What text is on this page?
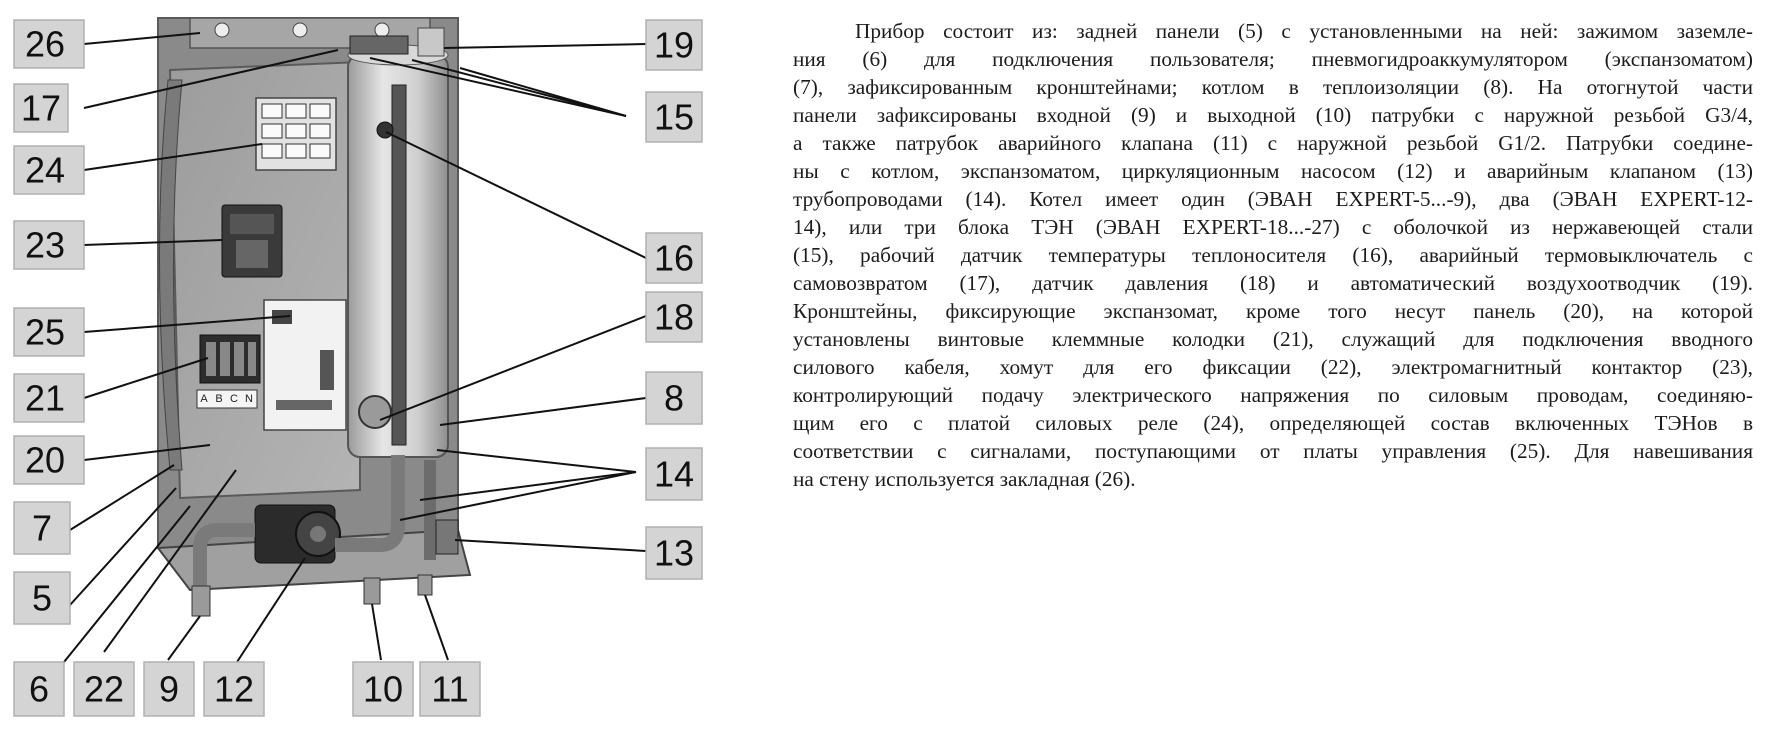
A B C N
26
17
24
23
25
21
20
7
5
6 22 9 12	10 11
19
15
16
18
8
14
13
Прибор состоит из: задней панели (5) с установленными на ней: зажимом заземле-
ния (6) для подключения пользователя; пневмогидроаккумулятором (экспанзоматом)
(7), зафиксированным кронштейнами; котлом в теплоизоляции (8). На отогнутой части
панели зафиксированы входной (9) и выходной (10) патрубки с наружной резьбой G3/4,
а также патрубок аварийного клапана (11) с наружной резьбой G1/2. Патрубки соедине-
ны с котлом, экспанзоматом, циркуляционным насосом (12) и аварийным клапаном (13)
трубопроводами (14). Котел имеет один (ЭВАН EXPERT-5...-9), два (ЭВАН EXPERT-12-
14), или три блока ТЭН (ЭВАН EXPERT-18...-27) с оболочкой из нержавеющей стали
(15), рабочий датчик температуры теплоносителя (16), аварийный термовыключатель с
самовозвратом (17), датчик давления (18) и автоматический воздухоотводчик (19).
Кронштейны, фиксирующие экспанзомат, кроме того несут панель (20), на которой
установлены винтовые клеммные колодки (21), служащий для подключения вводного
силового кабеля, хомут для его фиксации (22), электромагнитный контактор (23),
контролирующий подачу электрического напряжения по силовым проводам, соединяю-
щим его с платой силовых реле (24), определяющей состав включенных ТЭНов в
соответствии с сигналами, поступающими от платы управления (25). Для навешивания
на стену используется закладная (26).
